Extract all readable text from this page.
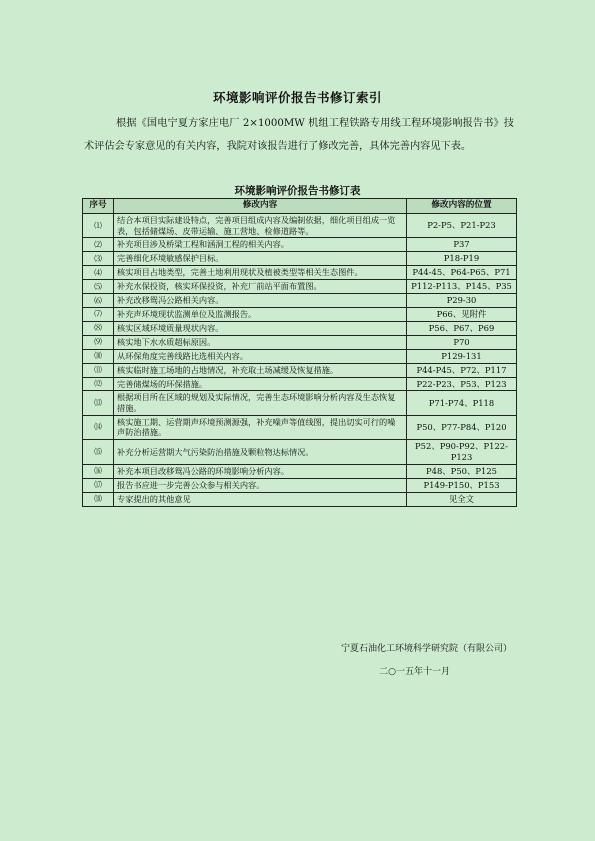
环境影响评价报告书修订索引
根据《国电宁夏方家庄电厂 2×1000MW 机组工程铁路专用线工程环境影响报告书》技术评估会专家意见的有关内容，我院对该报告进行了修改完善，具体完善内容见下表。
环境影响评价报告书修订表
序号	修改内容	修改内容的位置
⑴	结合本项目实际建设特点，完善项目组成内容及编制依据，细化项目组成一览表，包括储煤场、皮带运输、施工营地、检修道路等。	P2-P5、P21-P23
⑵	补充项目涉及桥梁工程和涵洞工程的相关内容。	P37
⑶	完善细化环境敏感保护目标。	P18-P19
⑷	核实项目占地类型，完善土地利用现状及植被类型等相关生态图件。	P44-45、P64-P65、P71
⑸	补充水保投资，核实环保投资，补充厂前站平面布置图。	P112-P113、P145、P35
⑹	补充改移鸳冯公路相关内容。	P29-30
⑺	补充声环境现状监测单位及监测报告。	P66、见附件
⑻	核实区域环境质量现状内容。	P56、P67、P69
⑼	核实地下水水质超标原因。	P70
⑽	从环保角度完善线路比选相关内容。	P129-131
⑾	核实临时施工场地的占地情况，补充取土场减缓及恢复措施。	P44-P45、P72、P117
⑿	完善储煤场的环保措施。	P22-P23、P53、P123
⒀	根据项目所在区域的规划及实际情况，完善生态环境影响分析内容及生态恢复措施。	P71-P74、P118
⒁	核实施工期、运营期声环境预测源强，补充噪声等值线图，提出切实可行的噪声防治措施。	P50、P77-P84、P120
⒂	补充分析运营期大气污染防治措施及颗粒物达标情况。	P52、P90-P92、P122-P123
⒃	补充本项目改移鸳冯公路的环境影响分析内容。	P48、P50、P125
⒄	报告书应进一步完善公众参与相关内容。	P149-P150、P153
⒅	专家提出的其他意见	见全文
宁夏石油化工环境科学研究院（有限公司）
二○一五年十一月
